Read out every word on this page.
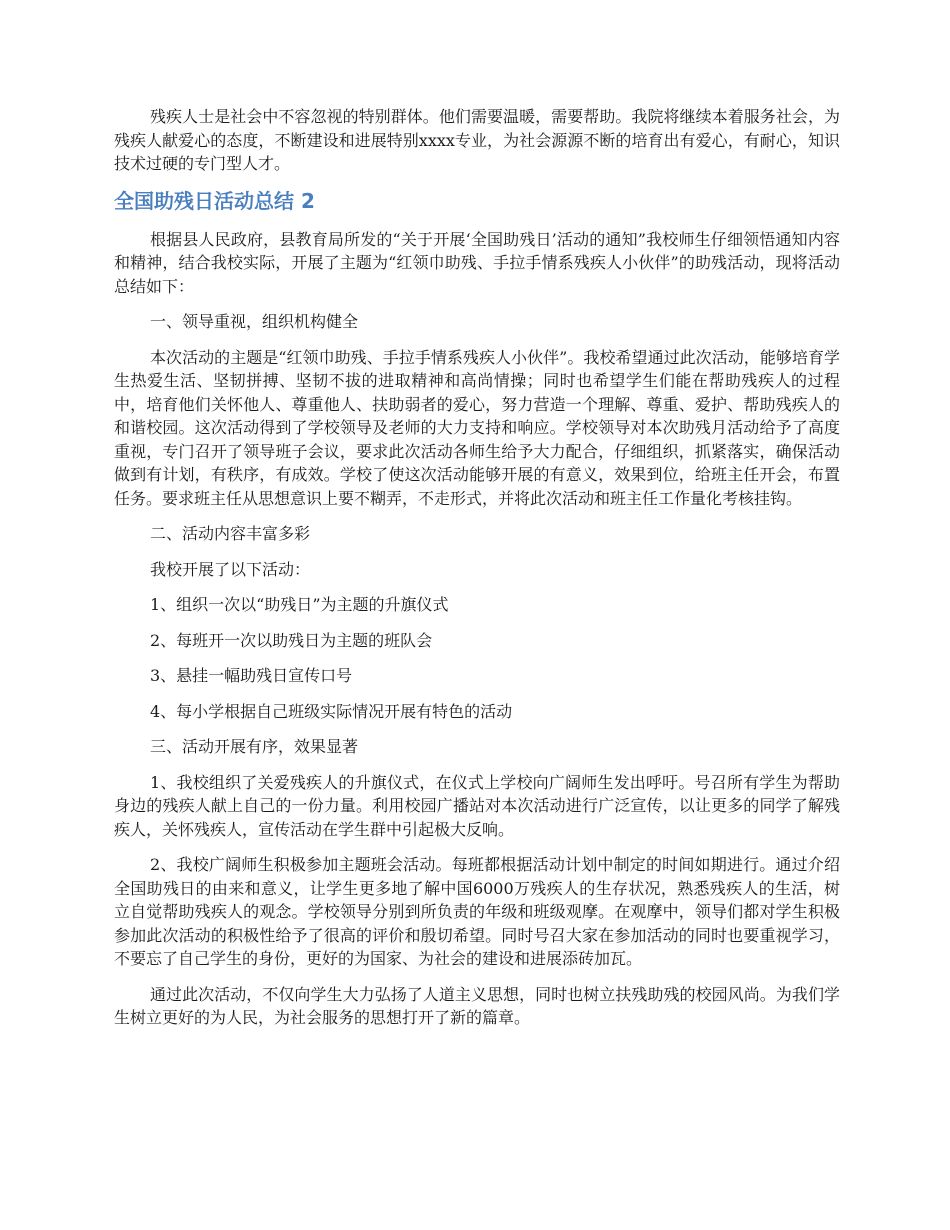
残疾人士是社会中不容忽视的特别群体。他们需要温暖，需要帮助。我院将继续本着服务社会，为残疾人献爱心的态度，不断建设和进展特别xxxx专业，为社会源源不断的培育出有爱心，有耐心，知识技术过硬的专门型人才。

全国助残日活动总结 2

根据县人民政府，县教育局所发的“关于开展‘全国助残日’活动的通知”我校师生仔细领悟通知内容和精神，结合我校实际，开展了主题为“红领巾助残、手拉手情系残疾人小伙伴”的助残活动，现将活动总结如下：

一、领导重视，组织机构健全

本次活动的主题是“红领巾助残、手拉手情系残疾人小伙伴”。我校希望通过此次活动，能够培育学生热爱生活、坚韧拼搏、坚韧不拔的进取精神和高尚情操；同时也希望学生们能在帮助残疾人的过程中，培育他们关怀他人、尊重他人、扶助弱者的爱心，努力营造一个理解、尊重、爱护、帮助残疾人的和谐校园。这次活动得到了学校领导及老师的大力支持和响应。学校领导对本次助残月活动给予了高度重视，专门召开了领导班子会议，要求此次活动各师生给予大力配合，仔细组织，抓紧落实，确保活动做到有计划，有秩序，有成效。学校了使这次活动能够开展的有意义，效果到位，给班主任开会，布置任务。要求班主任从思想意识上要不糊弄，不走形式，并将此次活动和班主任工作量化考核挂钩。

二、活动内容丰富多彩

我校开展了以下活动：

1、组织一次以“助残日”为主题的升旗仪式

2、每班开一次以助残日为主题的班队会

3、悬挂一幅助残日宣传口号

4、每小学根据自己班级实际情况开展有特色的活动

三、活动开展有序，效果显著

1、我校组织了关爱残疾人的升旗仪式，在仪式上学校向广阔师生发出呼吁。号召所有学生为帮助身边的残疾人献上自己的一份力量。利用校园广播站对本次活动进行广泛宣传，以让更多的同学了解残疾人，关怀残疾人，宣传活动在学生群中引起极大反响。

2、我校广阔师生积极参加主题班会活动。每班都根据活动计划中制定的时间如期进行。通过介绍全国助残日的由来和意义，让学生更多地了解中国6000万残疾人的生存状况，熟悉残疾人的生活，树立自觉帮助残疾人的观念。学校领导分别到所负责的年级和班级观摩。在观摩中，领导们都对学生积极参加此次活动的积极性给予了很高的评价和殷切希望。同时号召大家在参加活动的同时也要重视学习，不要忘了自己学生的身份，更好的为国家、为社会的建设和进展添砖加瓦。

通过此次活动，不仅向学生大力弘扬了人道主义思想，同时也树立扶残助残的校园风尚。为我们学生树立更好的为人民，为社会服务的思想打开了新的篇章。
